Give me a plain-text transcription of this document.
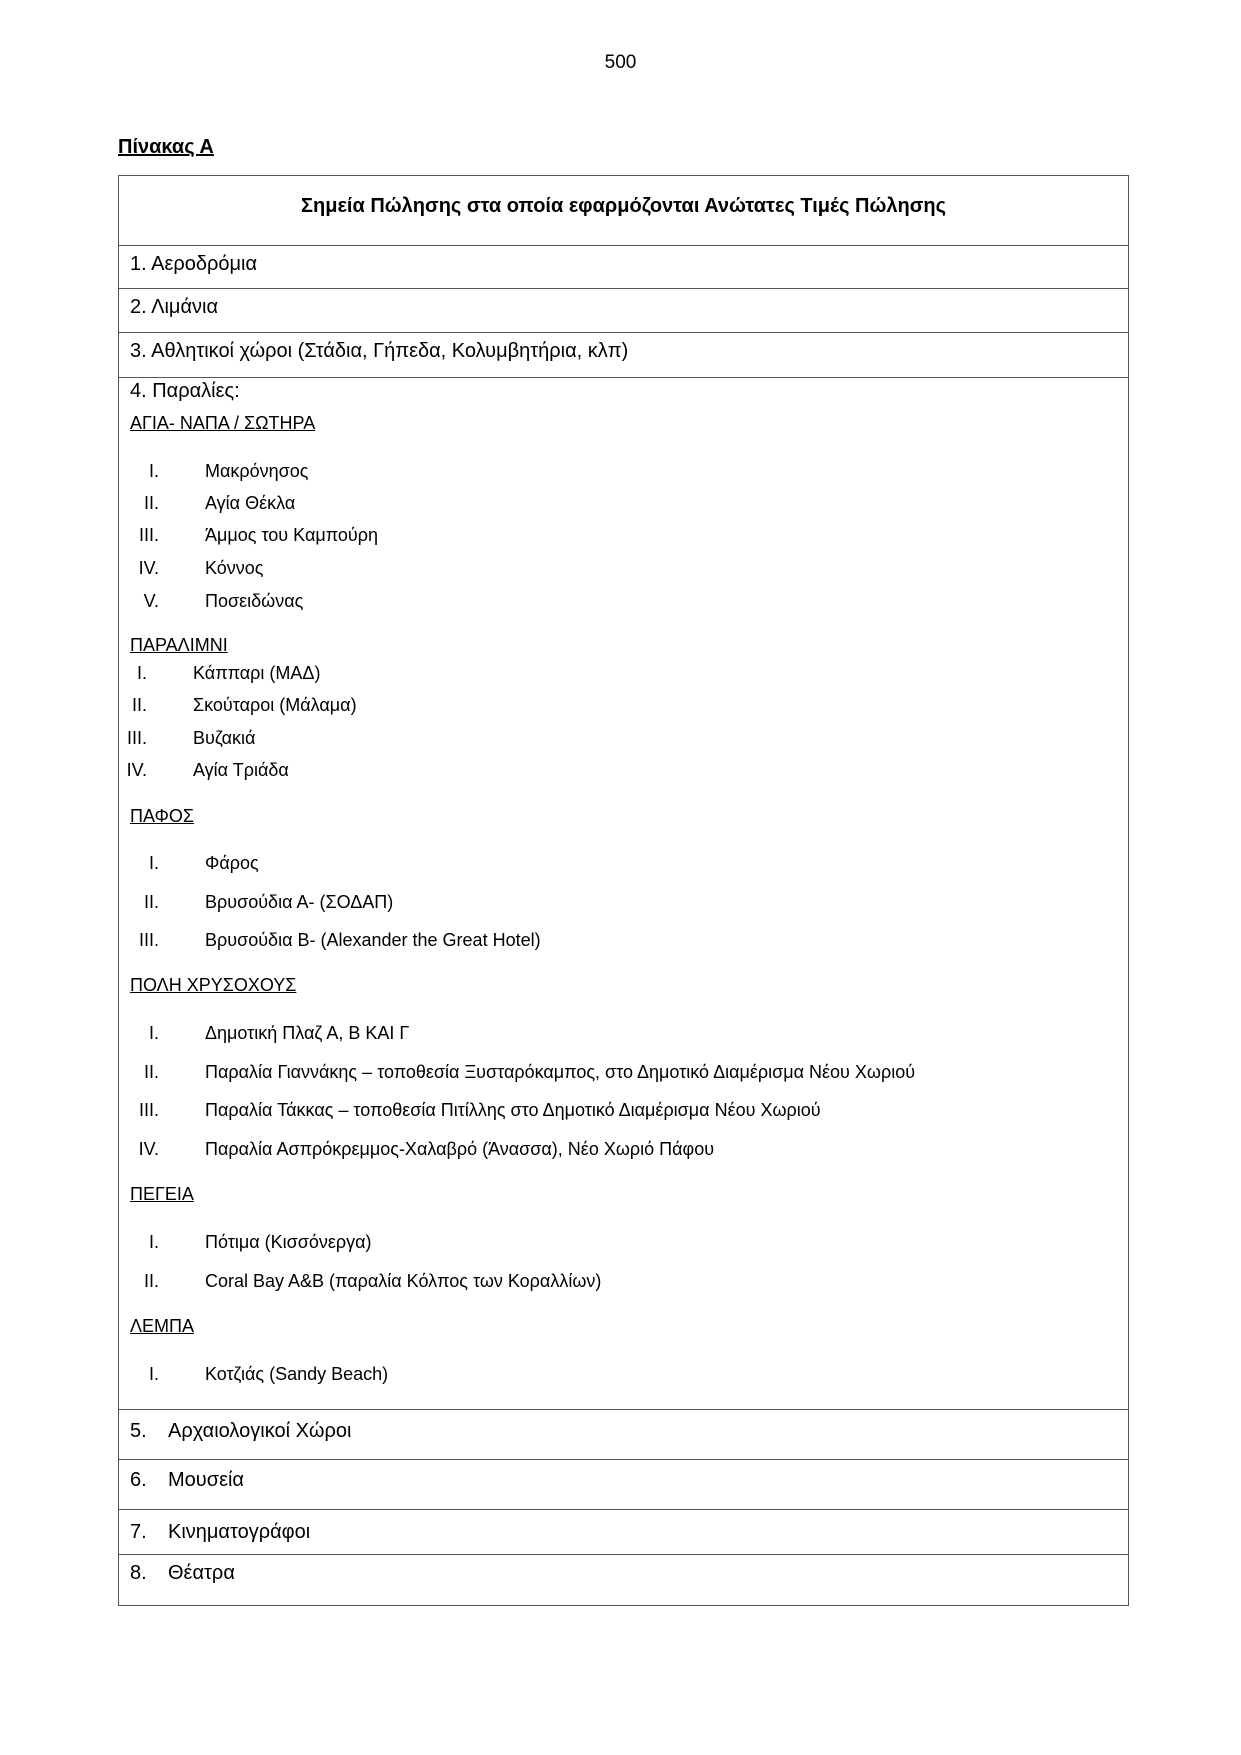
500
Πίνακας Α
Σημεία Πώλησης στα οποία εφαρμόζονται Ανώτατες Τιμές Πώλησης
1. Αεροδρόμια
2. Λιμάνια
3. Αθλητικοί χώροι (Στάδια, Γήπεδα, Κολυμβητήρια, κλπ)
4. Παραλίες:
ΑΓΙΑ- ΝΑΠΑ / ΣΩΤΗΡΑ
I.	Μακρόνησος
II.	Αγία Θέκλα
III.	Άμμος του Καμπούρη
IV.	Κόννος
V.	Ποσειδώνας
ΠΑΡΑΛΙΜΝΙ
I.	Κάππαρι (ΜΑΔ)
II.	Σκούταροι (Μάλαμα)
III.	Βυζακιά
IV.	Αγία Τριάδα
ΠΑΦΟΣ
I.	Φάρος
II.	Βρυσούδια Α- (ΣΟΔΑΠ)
III.	Βρυσούδια Β- (Alexander the Great Hotel)
ΠΟΛΗ ΧΡΥΣΟΧΟΥΣ
I.	Δημοτική Πλαζ Α, Β ΚΑΙ Γ
II.	Παραλία Γιαννάκης – τοποθεσία Ξυσταρόκαμπος, στο Δημοτικό Διαμέρισμα Νέου Χωριού
III.	Παραλία Τάκκας – τοποθεσία Πιτίλλης στο Δημοτικό Διαμέρισμα Νέου Χωριού
IV.	Παραλία Ασπρόκρεμμος-Χαλαβρό (Άνασσα), Νέο Χωριό Πάφου
ΠΕΓΕΙΑ
I.	Πότιμα (Κισσόνεργα)
II.	Coral Bay A&B (παραλία Κόλπος των Κοραλλίων)
ΛΕΜΠΑ
I.	Κοτζιάς (Sandy Beach)
5. Αρχαιολογικοί Χώροι
6. Μουσεία
7. Κινηματογράφοι
8. Θέατρα
